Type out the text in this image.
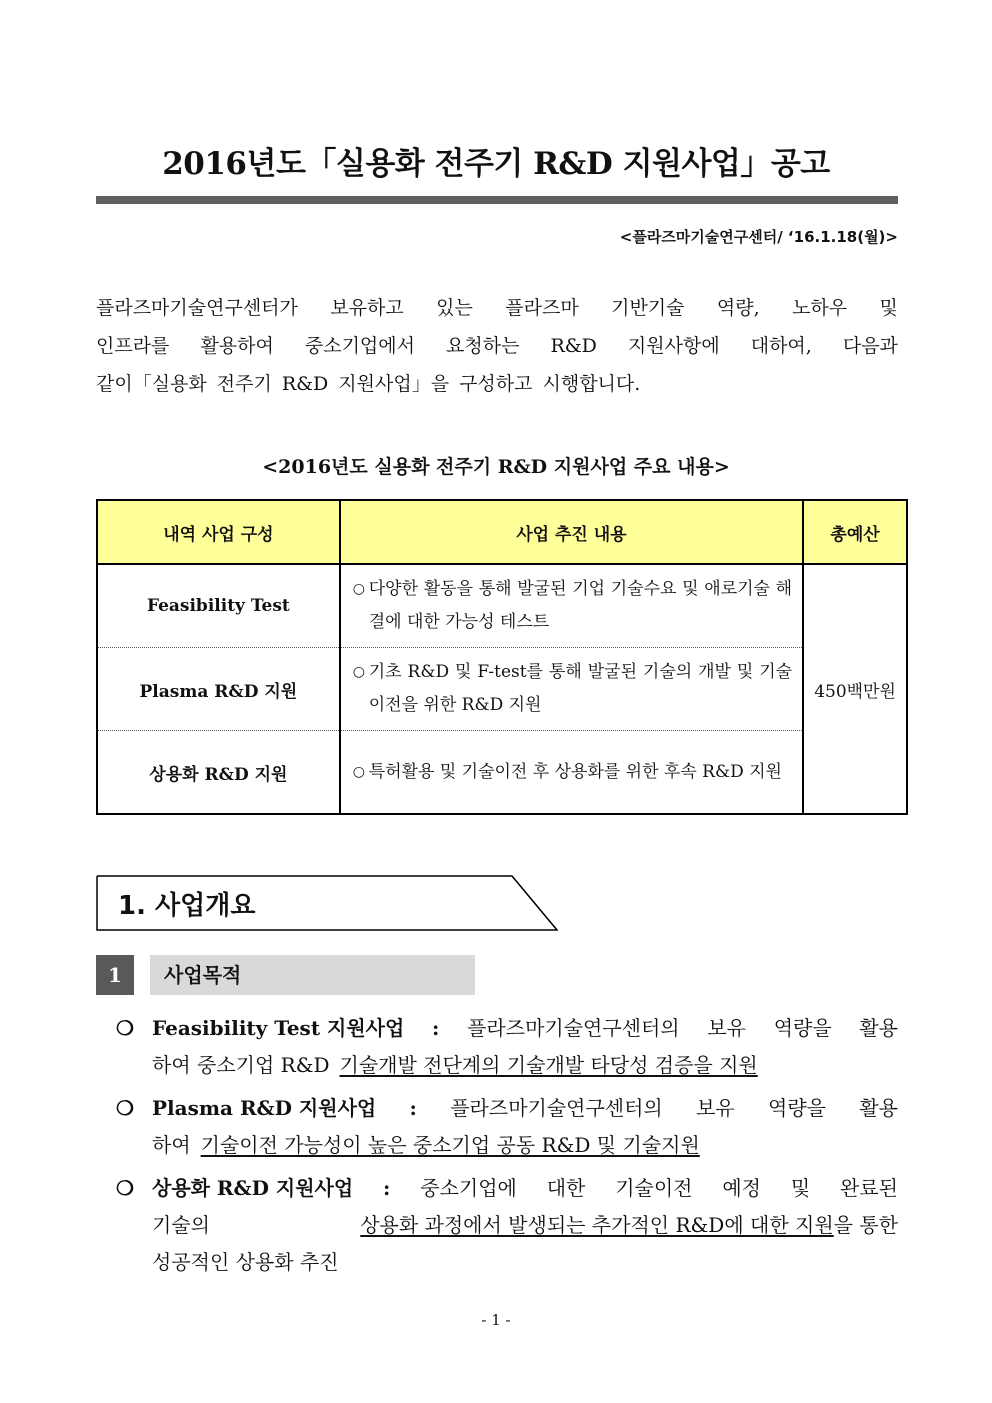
2016년도「실용화 전주기 R&D 지원사업」공고
<플라즈마기술연구센터/ ‘16.1.18(월)>
플라즈마기술연구센터가 보유하고 있는 플라즈마 기반기술 역량, 노하우 및
인프라를 활용하여 중소기업에서 요청하는 R&D 지원사항에 대하여, 다음과
같이「실용화 전주기 R&D 지원사업」을 구성하고 시행합니다.
<2016년도 실용화 전주기 R&D 지원사업 주요 내용>
내역 사업 구성	사업 추진 내용	총예산
Feasibility Test	○ 다양한 활동을 통해 발굴된 기업 기술수요 및 애로기술 해결에 대한 가능성 테스트	450백만원
Plasma R&D 지원	○ 기초 R&D 및 F-test를 통해 발굴된 기술의 개발 및 기술이전을 위한 R&D 지원	

상용화 R&D 지원	○ 특허활용 및 기술이전 후 상용화를 위한 후속 R&D 지원	
1. 사업개요
1	사업목적
❍ Feasibility Test 지원사업 : 플라즈마기술연구센터의 보유 역량을 활용
하여 중소기업 R&D 기술개발 전단계의 기술개발 타당성 검증을 지원
❍ Plasma R&D 지원사업 : 플라즈마기술연구센터의 보유 역량을 활용
하여 기술이전 가능성이 높은 중소기업 공동 R&D 및 기술지원
❍ 상용화 R&D 지원사업 : 중소기업에 대한 기술이전 예정 및 완료된
기술의	상용화 과정에서 발생되는 추가적인 R&D에 대한 지원을 통한
성공적인 상용화 추진
- 1 -
